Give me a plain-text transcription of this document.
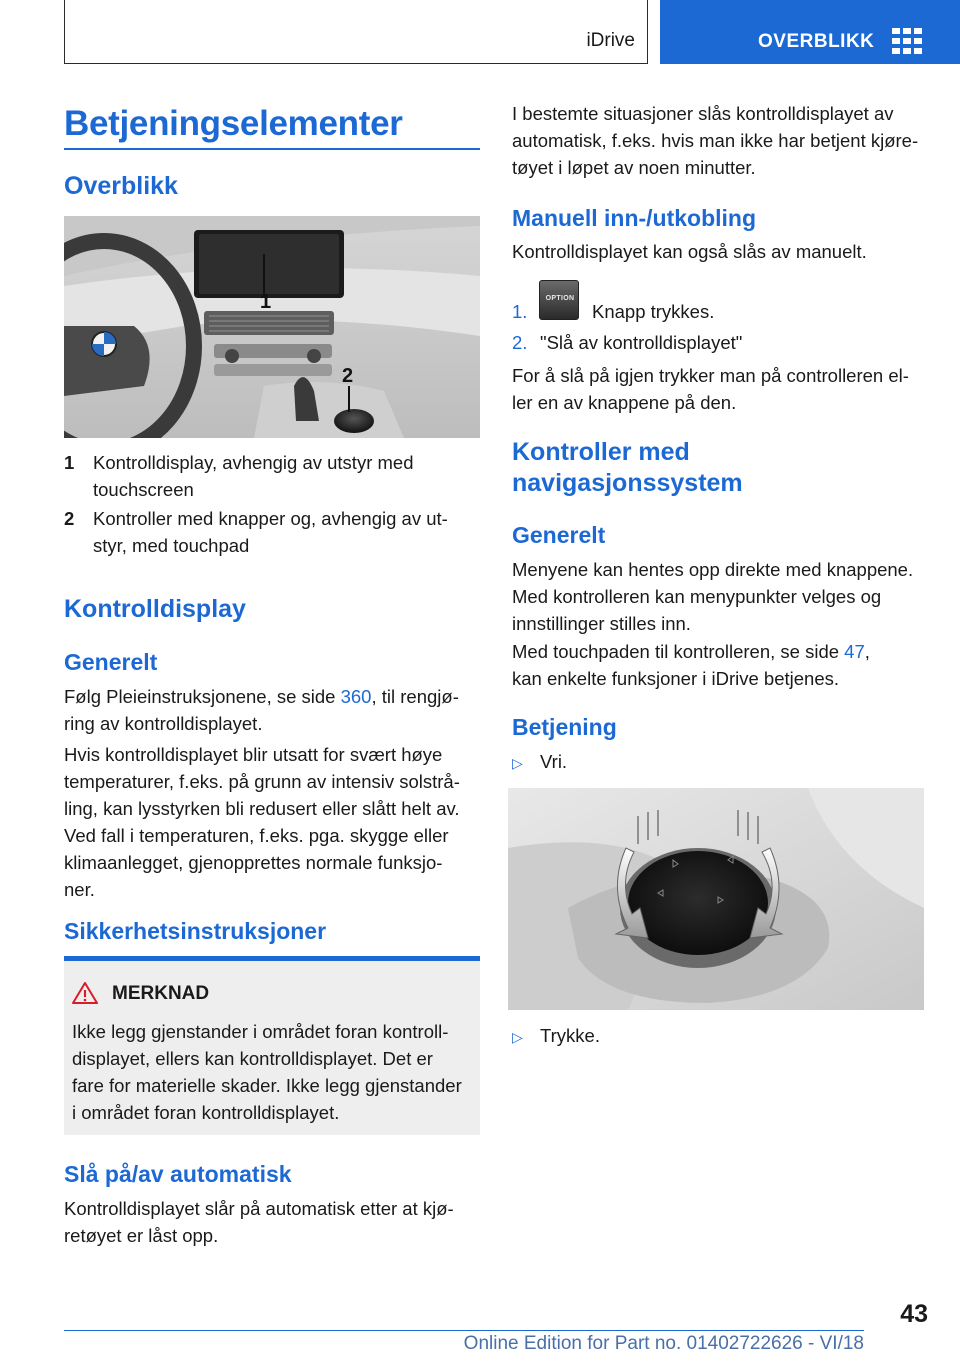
iDrive	OVERBLIKK
Betjeningselementer
Overblikk
1
2
1 Kontrolldisplay, avhengig av utstyr med
touchscreen
2 Kontroller med knapper og, avhengig av ut-
styr, med touchpad
Kontrolldisplay
Generelt
Følg Pleieinstruksjonene, se side 360, til rengjø-
ring av kontrolldisplayet.
Hvis kontrolldisplayet blir utsatt for svært høye
temperaturer, f.eks. på grunn av intensiv solstrå-
ling, kan lysstyrken bli redusert eller slått helt av.
Ved fall i temperaturen, f.eks. pga. skygge eller
klimaanlegget, gjenopprettes normale funksjo-
ner.
Sikkerhetsinstruksjoner
MERKNAD
Ikke legg gjenstander i området foran kontroll-
displayet, ellers kan kontrolldisplayet. Det er
fare for materielle skader. Ikke legg gjenstander
i området foran kontrolldisplayet.
Slå på/av automatisk
Kontrolldisplayet slår på automatisk etter at kjø-
retøyet er låst opp.
I bestemte situasjoner slås kontrolldisplayet av
automatisk, f.eks. hvis man ikke har betjent kjøre-
tøyet i løpet av noen minutter.
Manuell inn-/utkobling
Kontrolldisplayet kan også slås av manuelt.
1.
OPTION
Knapp trykkes.
2. "Slå av kontrolldisplayet"
For å slå på igjen trykker man på controlleren el-
ler en av knappene på den.
Kontroller med
navigasjonssystem
Generelt
Menyene kan hentes opp direkte med knappene.
Med kontrolleren kan menypunkter velges og
innstillinger stilles inn.
Med touchpaden til kontrolleren, se side 47,
kan enkelte funksjoner i iDrive betjenes.
Betjening
▷ Vri.
▷ Trykke.
43
Online Edition for Part no. 01402722626 - VI/18
